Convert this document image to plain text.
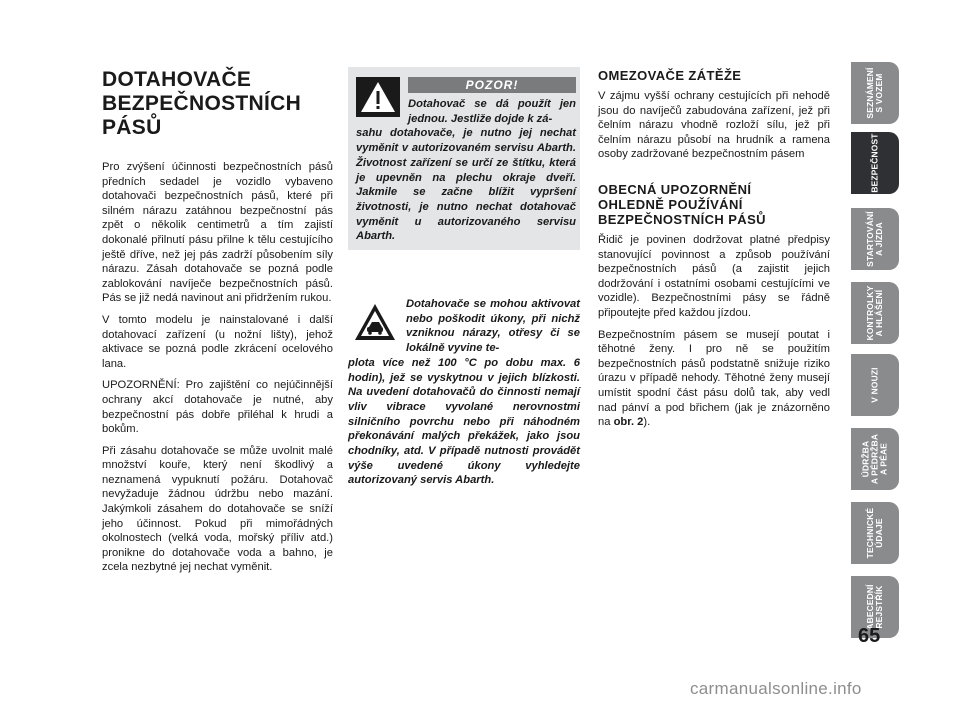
DOTAHOVAČE
BEZPEČNOSTNÍCH
PÁSŮ

Pro zvýšení účinnosti bezpečnostních pásů předních sedadel je vozidlo vybaveno dotahovači bezpečnostních pásů, které při silném nárazu zatáhnou bezpečnostní pás zpět o několik centimetrů a tím zajistí dokonalé přilnutí pásu přilne k tělu cestujícího ještě dříve, než jej pás zadrží působením síly nárazu. Zásah dotahovače se pozná podle zablokování navíječe bezpečnostních pásů. Pás se již nedá navinout ani přidržením rukou.

V tomto modelu je nainstalované i další dotahovací zařízení (u nožní lišty), jehož aktivace se pozná podle zkrácení ocelového lana.

UPOZORNĚNÍ: Pro zajištění co nejúčinnější ochrany akcí dotahovače je nutné, aby bezpečnostní pás dobře přiléhal k hrudi a bokům.

Při zásahu dotahovače se může uvolnit malé množství kouře, který není škodlivý a neznamená vypuknutí požáru. Dotahovač nevyžaduje žádnou údržbu nebo mazání. Jakýmkoli zásahem do dotahovače se sníží jeho účinnost. Pokud při mimořádných okolnostech (velká voda, mořský příliv atd.) pronikne do dotahovače voda a bahno, je zcela nezbytné jej nechat vyměnit.

POZOR!
Dotahovač se dá použít jen jednou. Jestliže dojde k zá-
sahu dotahovače, je nutno jej nechat vyměnit v autorizovaném servisu Abarth. Životnost zařízení se určí ze štítku, která je upevněn na plechu okraje dveří. Jakmile se začne blížit vypršení životnosti, je nutno nechat dotahovač vyměnit u autorizovaného servisu Abarth.

Dotahovače se mohou aktivovat nebo poškodit úkony, při nichž vzniknou nárazy, otřesy či se lokálně vyvine te-
plota více než 100 °C po dobu max. 6 hodin), jež se vyskytnou v jejich blízkosti. Na uvedení dotahovačů do činnosti nemají vliv vibrace vyvolané nerovnostmi silničního povrchu nebo při náhodném překonávání malých překážek, jako jsou chodníky, atd. V případě nutnosti provádět výše uvedené úkony vyhledejte autorizovaný servis Abarth.

OMEZOVAČE ZÁTĚŽE

V zájmu vyšší ochrany cestujících při nehodě jsou do navíječů zabudována zařízení, jež při čelním nárazu vhodně rozloží sílu, jež při čelním nárazu působí na hrudník a ramena osoby zadržované bezpečnostním pásem

OBECNÁ UPOZORNĚNÍ OHLEDNĚ POUŽÍVÁNÍ BEZPEČNOSTNÍCH PÁSŮ

Řidič je povinen dodržovat platné předpisy stanovující povinnost a způsob používání bezpečnostních pásů (a zajistit jejich dodržování i ostatními osobami cestujícími ve vozidle). Bezpečnostními pásy se řádně připoutejte před každou jízdou.

Bezpečnostním pásem se musejí poutat i těhotné ženy. I pro ně se použitím bezpečnostních pásů podstatně snižuje riziko úrazu v případě nehody. Těhotné ženy musejí umístit spodní část pásu dolů tak, aby vedl nad pánví a pod břichem (jak je znázorněno na obr. 2).

SEZNÁMENÍ
S VOZEM
BEZPEČNOST
STARTOVÁNÍ
A JÍZDA
KONTROLKY
A HLÁŠENÍ
V NOUZI
ÚDRŽBA
A PÉDRŽBA
A PÉAE
TECHNICKÉ
ÚDAJE
ABECEDNÍ
REJSTŘÍK
65
carmanualsonline.info
